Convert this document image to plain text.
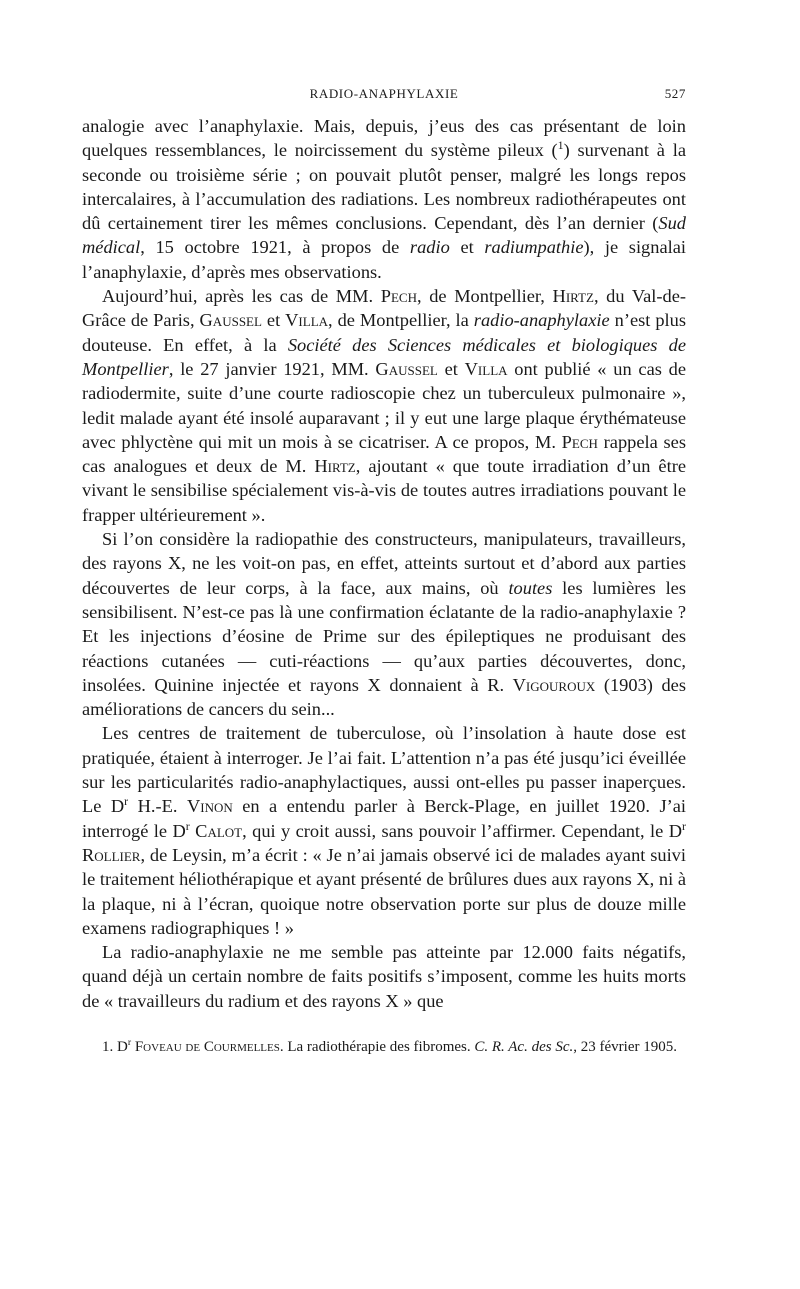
RADIO-ANAPHYLAXIE	527

analogie avec l’anaphylaxie. Mais, depuis, j’eus des cas présentant de loin quelques ressemblances, le noircissement du système pileux ($^1$) survenant à la seconde ou troisième série ; on pouvait plutôt penser, malgré les longs repos intercalaires, à l’accumulation des radiations. Les nombreux radiothérapeutes ont dû certainement tirer les mêmes conclusions. Cependant, dès l’an dernier (Sud médical, 15 octobre 1921, à propos de radio et radiumpathie), je signalai l’anaphylaxie, d’après mes observations.

Aujourd’hui, après les cas de MM. Pech, de Montpellier, Hirtz, du Val-de-Grâce de Paris, Gaussel et Villa, de Montpellier, la radio-anaphylaxie n’est plus douteuse. En effet, à la Société des Sciences médicales et biologiques de Montpellier, le 27 janvier 1921, MM. Gaussel et Villa ont publié « un cas de radiodermite, suite d’une courte radioscopie chez un tuberculeux pulmonaire », ledit malade ayant été insolé auparavant ; il y eut une large plaque érythémateuse avec phlyctène qui mit un mois à se cicatriser. A ce propos, M. Pech rappela ses cas analogues et deux de M. Hirtz, ajoutant « que toute irradiation d’un être vivant le sensibilise spécialement vis-à-vis de toutes autres irradiations pouvant le frapper ultérieurement ».

Si l’on considère la radiopathie des constructeurs, manipulateurs, travailleurs, des rayons X, ne les voit-on pas, en effet, atteints surtout et d’abord aux parties découvertes de leur corps, à la face, aux mains, où toutes les lumières les sensibilisent. N’est-ce pas là une confirmation éclatante de la radio-anaphylaxie ? Et les injections d’éosine de Prime sur des épileptiques ne produisant des réactions cutanées — cuti-réactions — qu’aux parties découvertes, donc, insolées. Quinine injectée et rayons X donnaient à R. Vigouroux (1903) des améliorations de cancers du sein...

Les centres de traitement de tuberculose, où l’insolation à haute dose est pratiquée, étaient à interroger. Je l’ai fait. L’attention n’a pas été jusqu’ici éveillée sur les particularités radio-anaphylactiques, aussi ont-elles pu passer inaperçues. Le $D^r$ H.-E. Vinon en a entendu parler à Berck-Plage, en juillet 1920. J’ai interrogé le $D^r$ Calot, qui y croit aussi, sans pouvoir l’affirmer. Cependant, le $D^r$ Rollier, de Leysin, m’a écrit : « Je n’ai jamais observé ici de malades ayant suivi le traitement héliothérapique et ayant présenté de brûlures dues aux rayons X, ni à la plaque, ni à l’écran, quoique notre observation porte sur plus de douze mille examens radiographiques ! »

La radio-anaphylaxie ne me semble pas atteinte par 12.000 faits négatifs, quand déjà un certain nombre de faits positifs s’imposent, comme les huits morts de « travailleurs du radium et des rayons X » que

1. $D^r$ Foveau de Courmelles. La radiothérapie des fibromes. C. R. Ac. des Sc., 23 février 1905.
